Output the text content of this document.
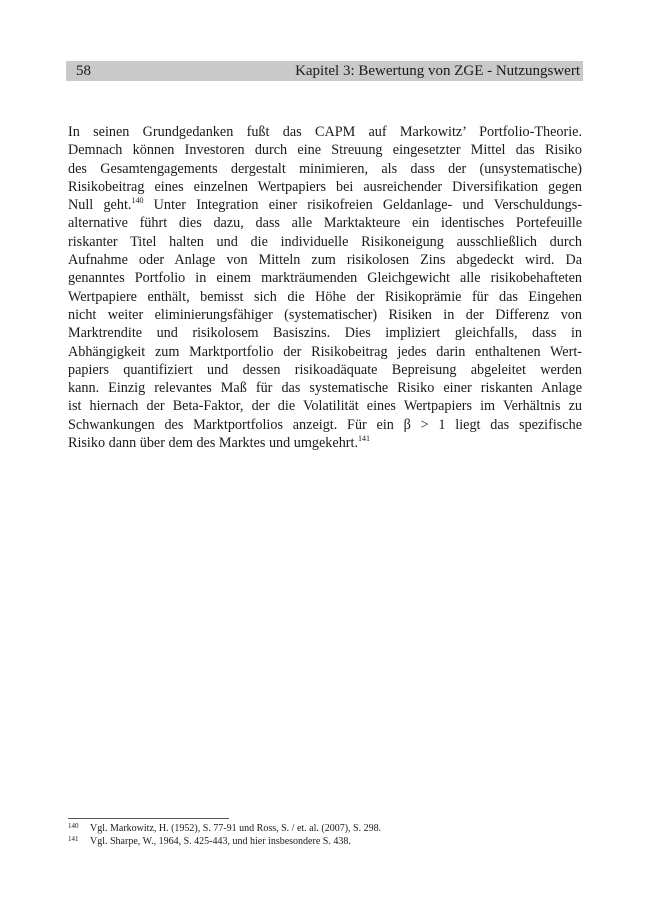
58	Kapitel 3: Bewertung von ZGE - Nutzungswert
In seinen Grundgedanken fußt das CAPM auf Markowitz’ Portfolio-Theorie.
Demnach können Investoren durch eine Streuung eingesetzter Mittel das Risiko
des Gesamtengagements dergestalt minimieren, als dass der (unsystematische)
Risikobeitrag eines einzelnen Wertpapiers bei ausreichender Diversifikation gegen
Null geht.$^{140}$ Unter Integration einer risikofreien Geldanlage- und Verschuldungs-
alternative führt dies dazu, dass alle Marktakteure ein identisches Portefeuille
riskanter Titel halten und die individuelle Risikoneigung ausschließlich durch
Aufnahme oder Anlage von Mitteln zum risikolosen Zins abgedeckt wird. Da
genanntes Portfolio in einem markträumenden Gleichgewicht alle risikobehafteten
Wertpapiere enthält, bemisst sich die Höhe der Risikoprämie für das Eingehen
nicht weiter eliminierungsfähiger (systematischer) Risiken in der Differenz von
Marktrendite und risikolosem Basiszins. Dies impliziert gleichfalls, dass in
Abhängigkeit zum Marktportfolio der Risikobeitrag jedes darin enthaltenen Wert-
papiers quantifiziert und dessen risikoadäquate Bepreisung abgeleitet werden
kann. Einzig relevantes Maß für das systematische Risiko einer riskanten Anlage
ist hiernach der Beta-Faktor, der die Volatilität eines Wertpapiers im Verhältnis zu
Schwankungen des Marktportfolios anzeigt. Für ein β > 1 liegt das spezifische
Risiko dann über dem des Marktes und umgekehrt.$^{141}$
140 Vgl. Markowitz, H. (1952), S. 77-91 und Ross, S. / et. al. (2007), S. 298.
141 Vgl. Sharpe, W., 1964, S. 425-443, und hier insbesondere S. 438.
